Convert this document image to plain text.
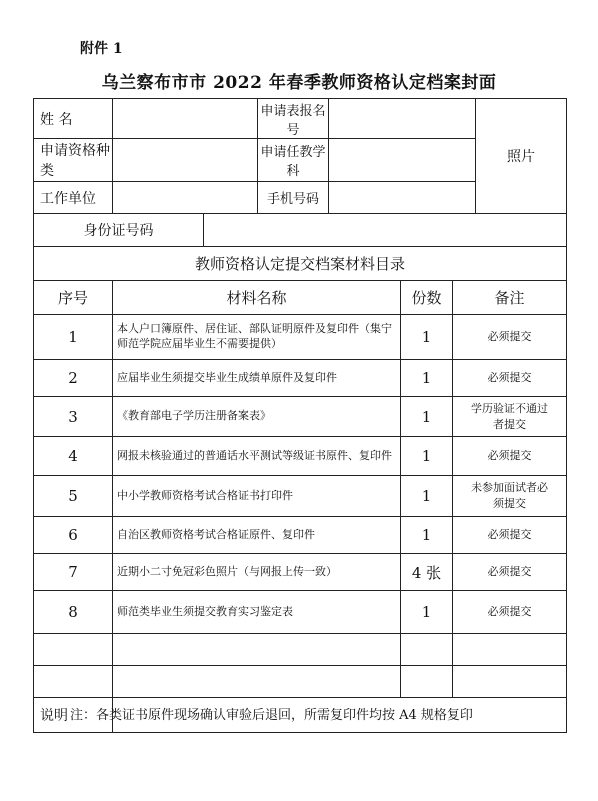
附件 1
乌兰察布市市 2022 年春季教师资格认定档案封面
姓 名			申请表报名号				照片
申请资格种类			申请任教学科				
工作单位			手机号码				
身份证号码							
教师资格认定提交档案材料目录							
序号	材料名称				份数	备注	
1	本人户口簿原件、居住证、部队证明原件及复印件（集宁师范学院应届毕业生不需要提供）				1	必须提交	
2	应届毕业生须提交毕业生成绩单原件及复印件				1	必须提交	
3	《教育部电子学历注册备案表》				1	学历验证不通过者提交	
4	网报未核验通过的普通话水平测试等级证书原件、复印件				1	必须提交	
5	中小学教师资格考试合格证书打印件				1	未参加面试者必须提交	
6	自治区教师资格考试合格证原件、复印件				1	必须提交	
7	近期小二寸免冠彩色照片（与网报上传一致）				4 张	必须提交	
8	师范类毕业生须提交教育实习鉴定表				1	必须提交	

说明							注：各类证书原件现场确认审验后退回，所需复印件均按 A4 规格复印
